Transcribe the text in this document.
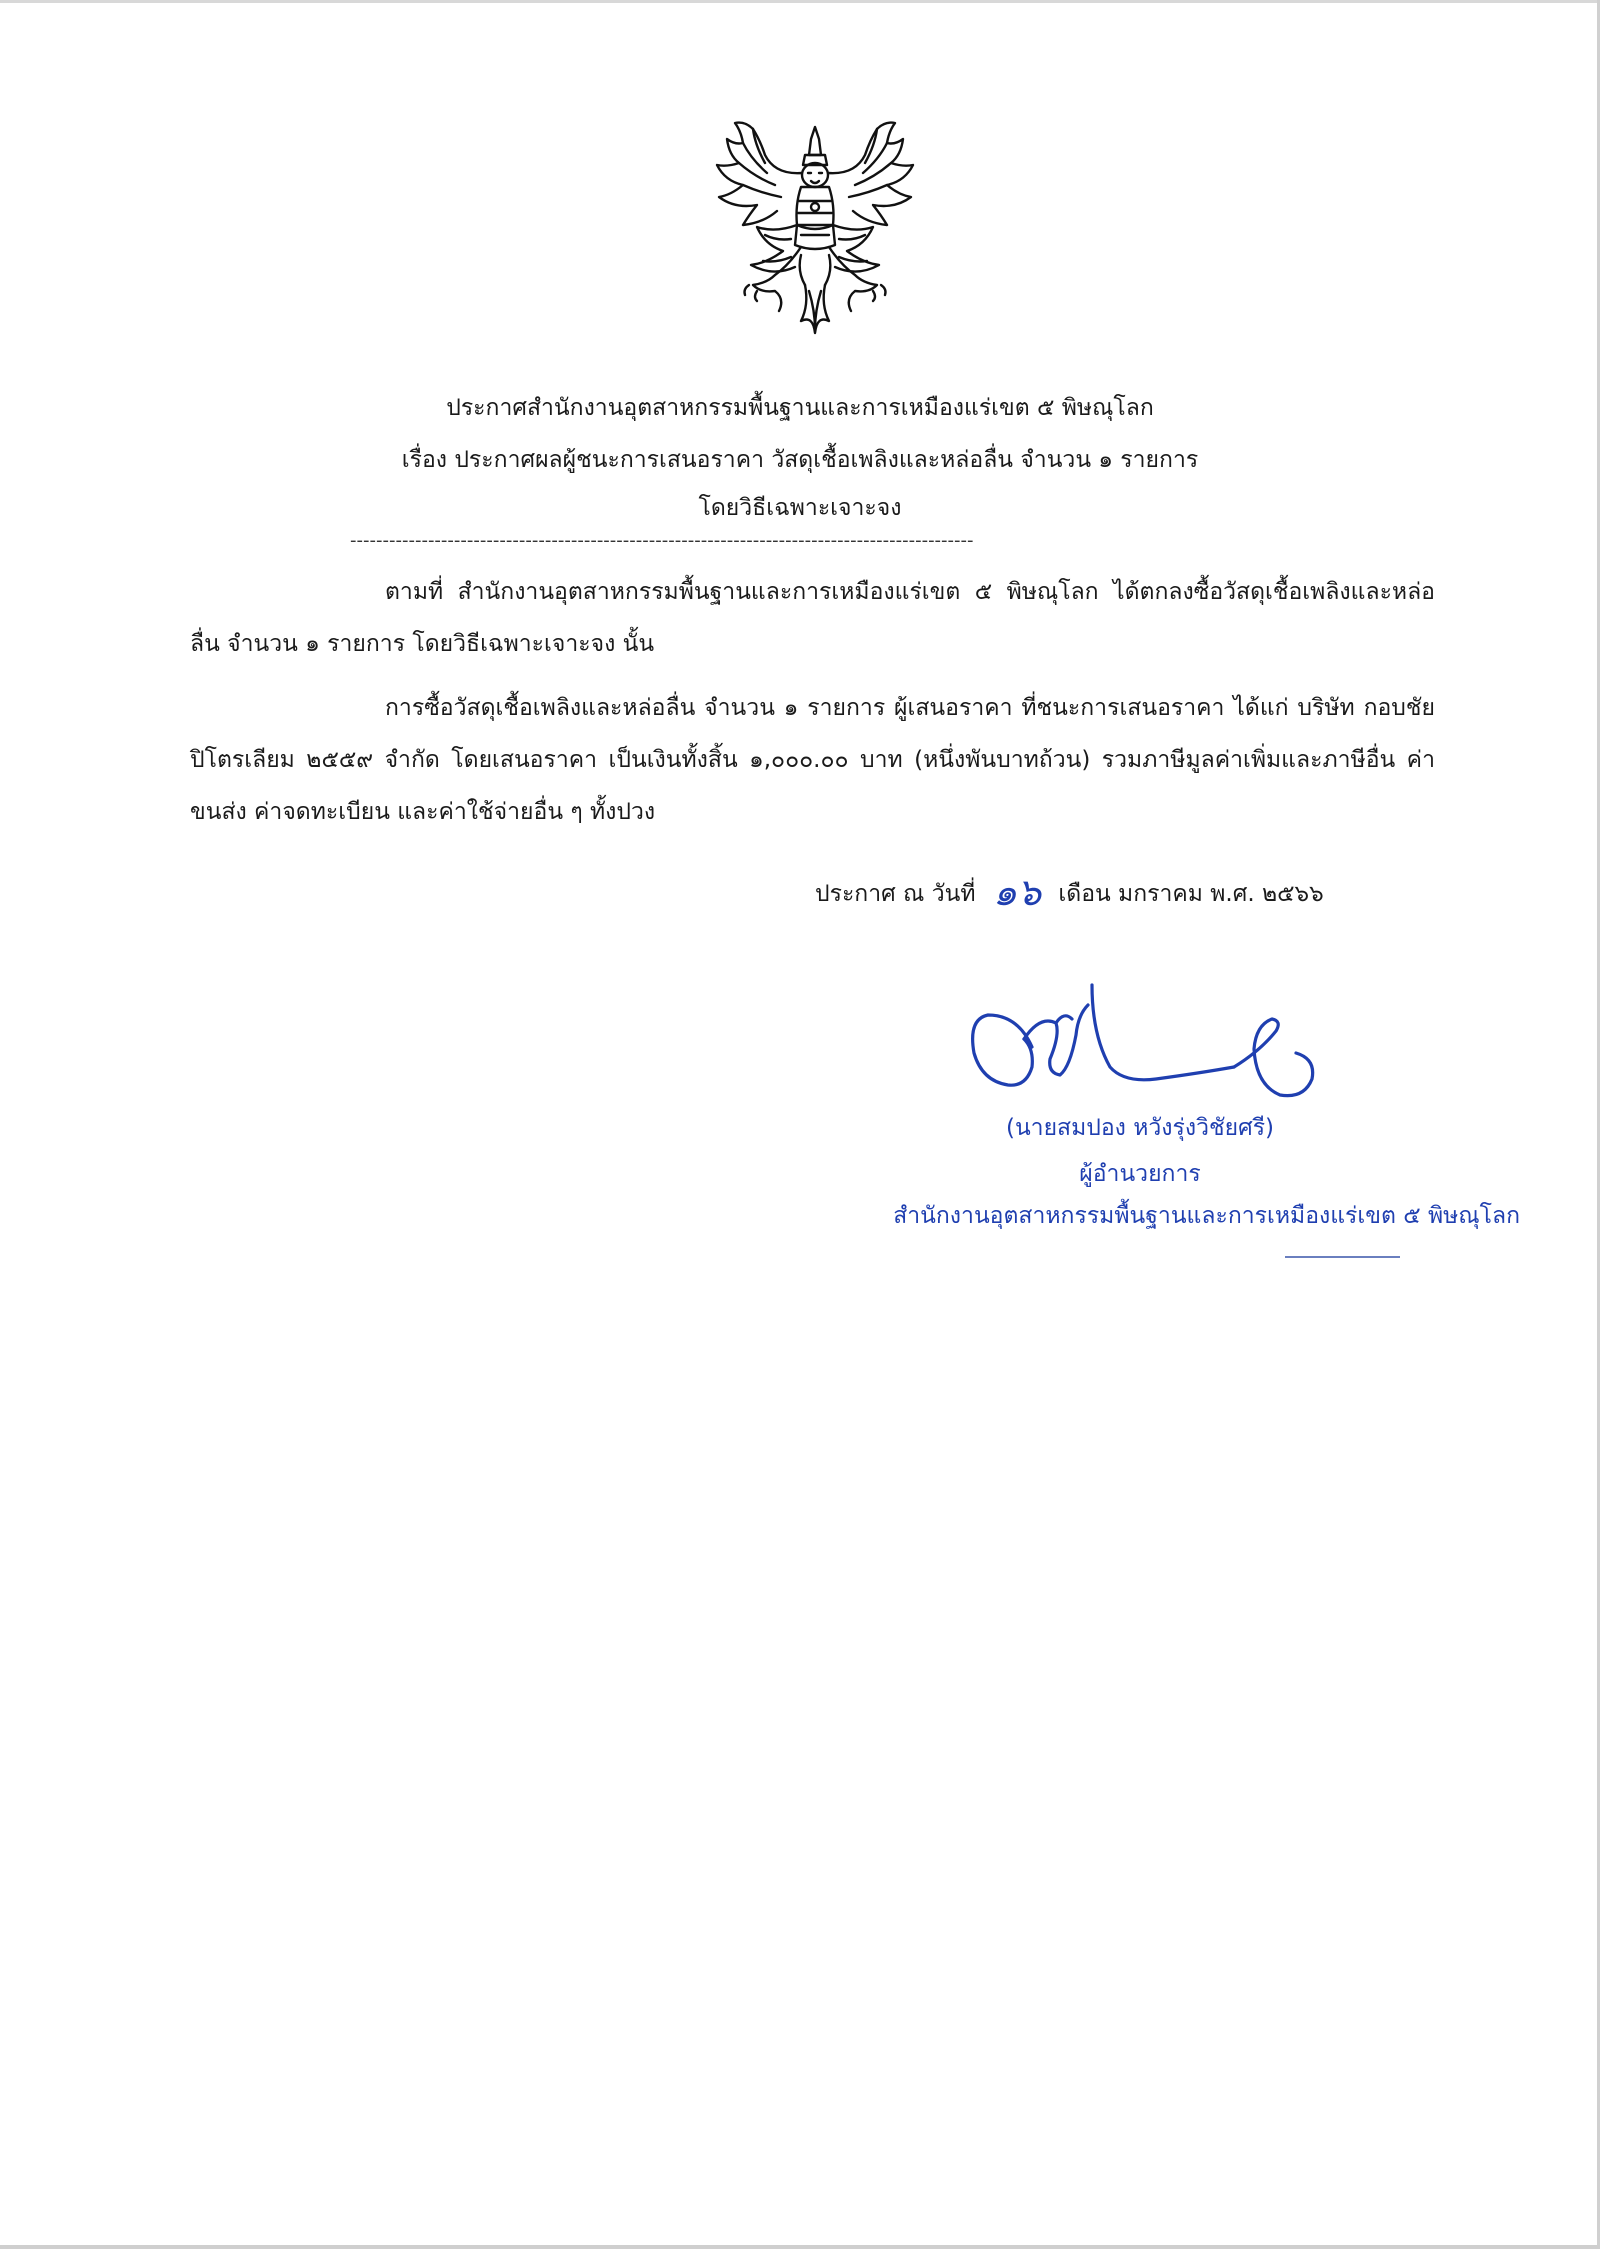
ประกาศสำนักงานอุตสาหกรรมพื้นฐานและการเหมืองแร่เขต ๕ พิษณุโลก
เรื่อง ประกาศผลผู้ชนะการเสนอราคา วัสดุเชื้อเพลิงและหล่อลื่น จำนวน ๑ รายการ
โดยวิธีเฉพาะเจาะจง
------------------------------------------------------------------------------------------------
ตามที่ สำนักงานอุตสาหกรรมพื้นฐานและการเหมืองแร่เขต ๕ พิษณุโลก ได้ตกลงซื้อวัสดุเชื้อเพลิงและหล่อลื่น จำนวน ๑ รายการ โดยวิธีเฉพาะเจาะจง นั้น
การซื้อวัสดุเชื้อเพลิงและหล่อลื่น จำนวน ๑ รายการ ผู้เสนอราคา ที่ชนะการเสนอราคา ได้แก่ บริษัท กอบชัยปิโตรเลียม ๒๕๕๙ จำกัด โดยเสนอราคา เป็นเงินทั้งสิ้น ๑,๐๐๐.๐๐ บาท (หนึ่งพันบาทถ้วน) รวมภาษีมูลค่าเพิ่มและภาษีอื่น ค่าขนส่ง ค่าจดทะเบียน และค่าใช้จ่ายอื่น ๆ ทั้งปวง
ประกาศ ณ วันที่ ๑๖ เดือน มกราคม พ.ศ. ๒๕๖๖
(นายสมปอง หวังรุ่งวิชัยศรี)
ผู้อำนวยการ
สำนักงานอุตสาหกรรมพื้นฐานและการเหมืองแร่เขต ๕ พิษณุโลก
